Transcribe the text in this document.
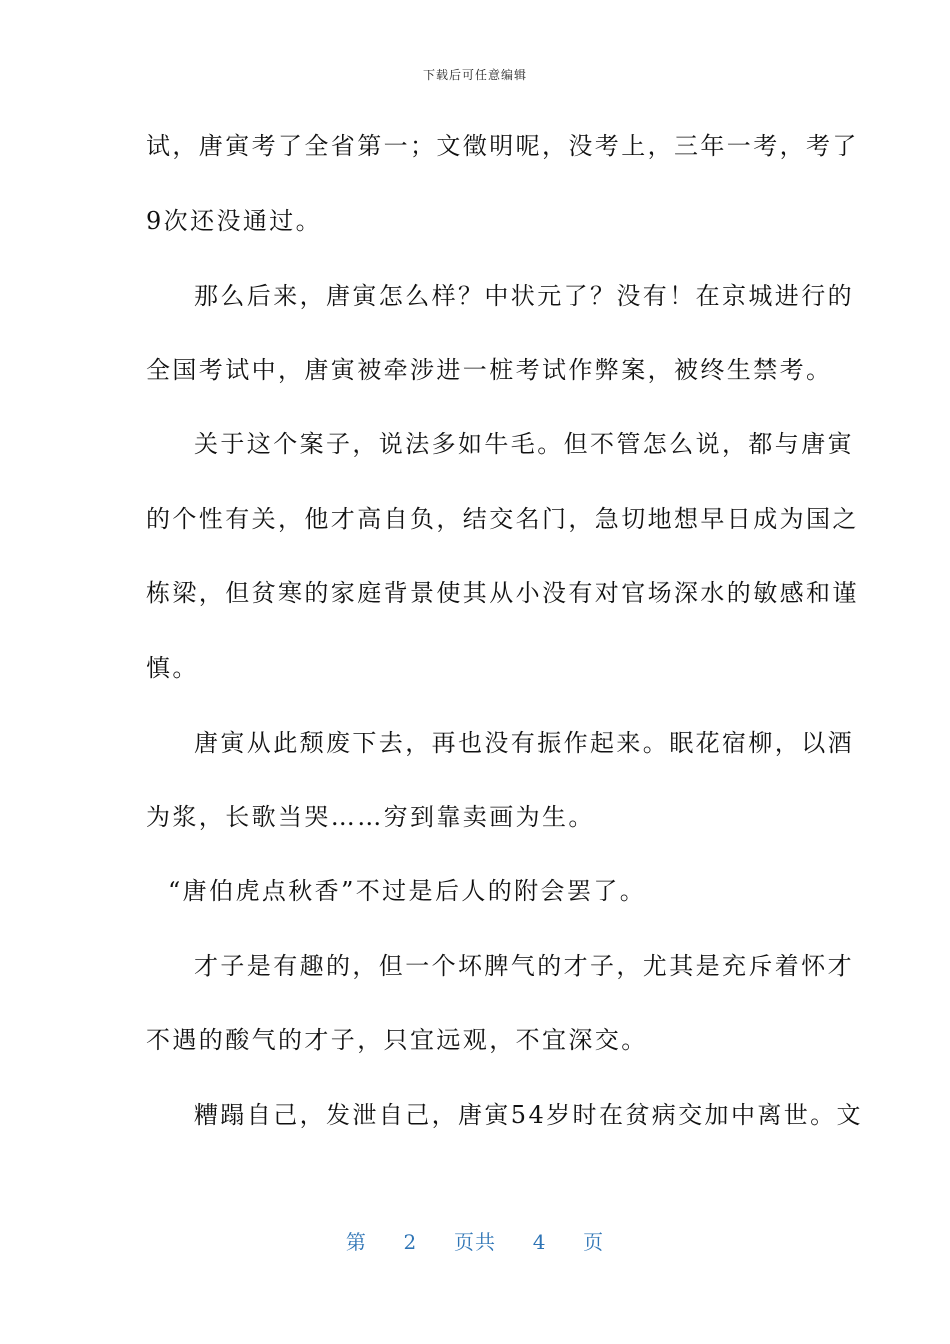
下载后可任意编辑
试，唐寅考了全省第一；文徵明呢，没考上，三年一考，考了
9次还没通过。
那么后来，唐寅怎么样？中状元了？没有！在京城进行的
全国考试中，唐寅被牵涉进一桩考试作弊案，被终生禁考。
关于这个案子，说法多如牛毛。但不管怎么说，都与唐寅
的个性有关，他才高自负，结交名门，急切地想早日成为国之
栋梁，但贫寒的家庭背景使其从小没有对官场深水的敏感和谨
慎。
唐寅从此颓废下去，再也没有振作起来。眠花宿柳，以酒
为浆，长歌当哭……穷到靠卖画为生。
“唐伯虎点秋香”不过是后人的附会罢了。
才子是有趣的，但一个坏脾气的才子，尤其是充斥着怀才
不遇的酸气的才子，只宜远观，不宜深交。
糟蹋自己，发泄自己，唐寅54岁时在贫病交加中离世。文
第 2 页共 4 页
